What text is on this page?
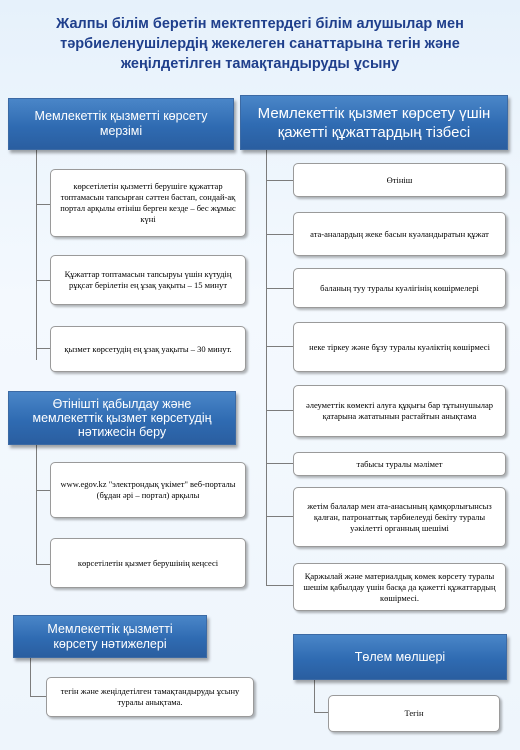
Жалпы білім беретін мектептердегі білім алушылар мен тәрбиеленушілердің жекелеген санаттарына тегін және жеңілдетілген тамақтандыруды ұсыну
Мемлекеттік қызметті көрсету мерзімі
көрсетілетін қызметті берушіге құжаттар топтамасын тапсырған сәттен бастап, сондай-ақ портал арқылы өтініш берген кезде – бес жұмыс күні
Құжаттар топтамасын тапсыруы үшін күтудің рұқсат берілетін ең ұзақ уақыты – 15 минут
қызмет көрсетудің ең ұзақ уақыты – 30 минут.
Өтінішті қабылдау және мемлекеттік қызмет көрсетудің нәтижесін беру
www.egov.kz "электрондық үкімет" веб-порталы (бұдан әрі – портал) арқылы
көрсетілетін қызмет берушінің кеңсесі
Мемлекеттік қызметті көрсету нәтижелері
тегін және жеңілдетілген тамақтандыруды ұсыну туралы анықтама.
Мемлекеттік қызмет көрсету үшін қажетті құжаттардың тізбесі
Өтініш
ата-аналардың жеке басын куәландыратын құжат
баланың туу туралы куәлігінің көшірмелері
неке тіркеу және бұзу туралы куәліктің көшірмесі
әлеуметтік көмекті алуға құқығы бар тұтынушылар қатарына жататынын растайтын анықтама
табысы туралы мәлімет
жетім балалар мен ата-анасының қамқорлығынсыз қалған, патронаттық тәрбиелеуді бекіту туралы уәкілетті органның шешімі
Қаржылай және материалдық көмек көрсету туралы шешім қабылдау үшін басқа да қажетті құжаттардың көшірмесі.
Төлем мөлшері
Тегін
